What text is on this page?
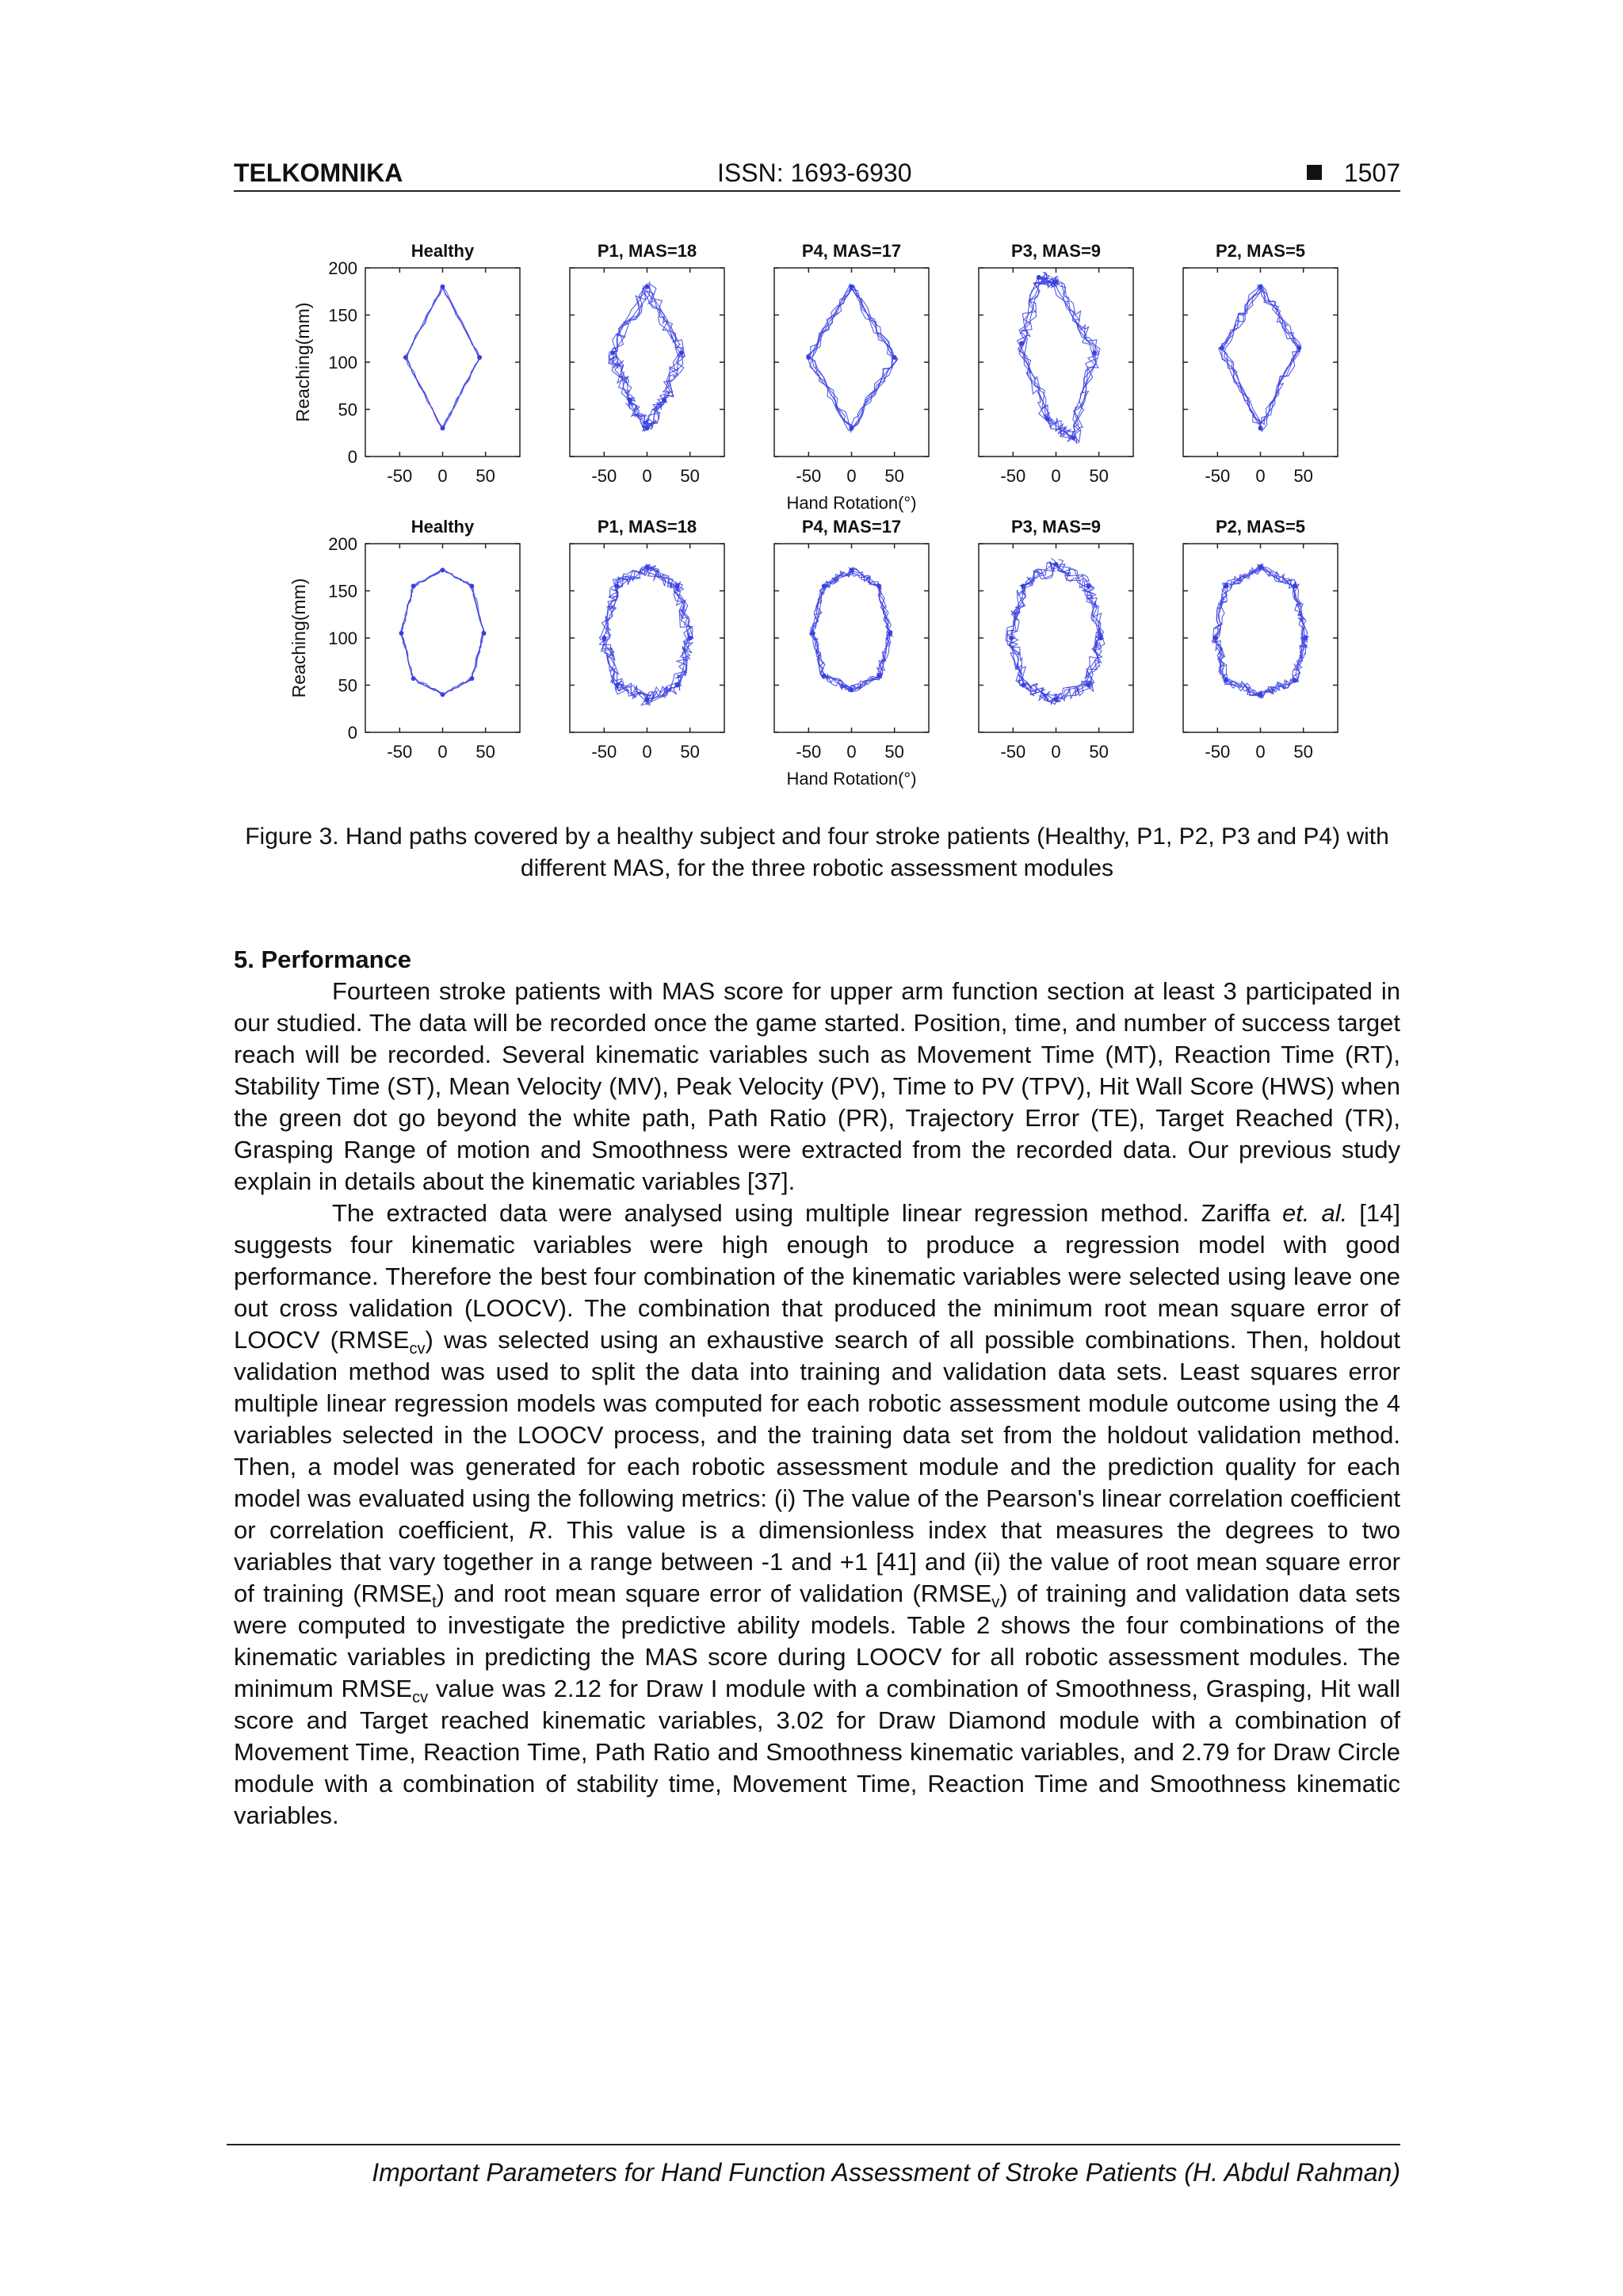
TELKOMNIKA	ISSN: 1693-6930	1507
Reaching(mm)
Healthy
-50 0 50
0
50
100
150
200
P1, MAS=18
-50 0 50
P4, MAS=17
-50 0 50
Hand Rotation(°)
P3, MAS=9
-50 0 50
P2, MAS=5
-50 0 50
Reaching(mm)
Healthy
-50 0 50
0
50
100
150
200
P1, MAS=18
-50 0 50
P4, MAS=17
-50 0 50
Hand Rotation(°)
P3, MAS=9
-50 0 50
P2, MAS=5
-50 0 50
Figure 3. Hand paths covered by a healthy subject and four stroke patients (Healthy, P1, P2, P3 and P4) with different MAS, for the three robotic assessment modules
5. Performance

Fourteen stroke patients with MAS score for upper arm function section at least 3 participated in our studied. The data will be recorded once the game started. Position, time, and number of success target reach will be recorded. Several kinematic variables such as Movement Time (MT), Reaction Time (RT), Stability Time (ST), Mean Velocity (MV), Peak Velocity (PV), Time to PV (TPV), Hit Wall Score (HWS) when the green dot go beyond the white path, Path Ratio (PR), Trajectory Error (TE), Target Reached (TR), Grasping Range of motion and Smoothness were extracted from the recorded data. Our previous study explain in details about the kinematic variables [37].

The extracted data were analysed using multiple linear regression method. Zariffa et. al. [14] suggests four kinematic variables were high enough to produce a regression model with good performance. Therefore the best four combination of the kinematic variables were selected using leave one out cross validation (LOOCV). The combination that produced the minimum root mean square error of LOOCV $(RMSE_{cv})$ was selected using an exhaustive search of all possible combinations. Then, holdout validation method was used to split the data into training and validation data sets. Least squares error multiple linear regression models was computed for each robotic assessment module outcome using the 4 variables selected in the LOOCV process, and the training data set from the holdout validation method. Then, a model was generated for each robotic assessment module and the prediction quality for each model was evaluated using the following metrics: (i) The value of the Pearson's linear correlation coefficient or correlation coefficient, R. This value is a dimensionless index that measures the degrees to two variables that vary together in a range between -1 and +1 [41] and (ii) the value of root mean square error of training $(RMSE_t)$ and root mean square error of validation $(RMSE_v)$ of training and validation data sets were computed to investigate the predictive ability models. Table 2 shows the four combinations of the kinematic variables in predicting the MAS score during LOOCV for all robotic assessment modules. The minimum $RMSE_{cv}$ value was 2.12 for Draw I module with a combination of Smoothness, Grasping, Hit wall score and Target reached kinematic variables, 3.02 for Draw Diamond module with a combination of Movement Time, Reaction Time, Path Ratio and Smoothness kinematic variables, and 2.79 for Draw Circle module with a combination of stability time, Movement Time, Reaction Time and Smoothness kinematic variables.

Important Parameters for Hand Function Assessment of Stroke Patients (H. Abdul Rahman)
